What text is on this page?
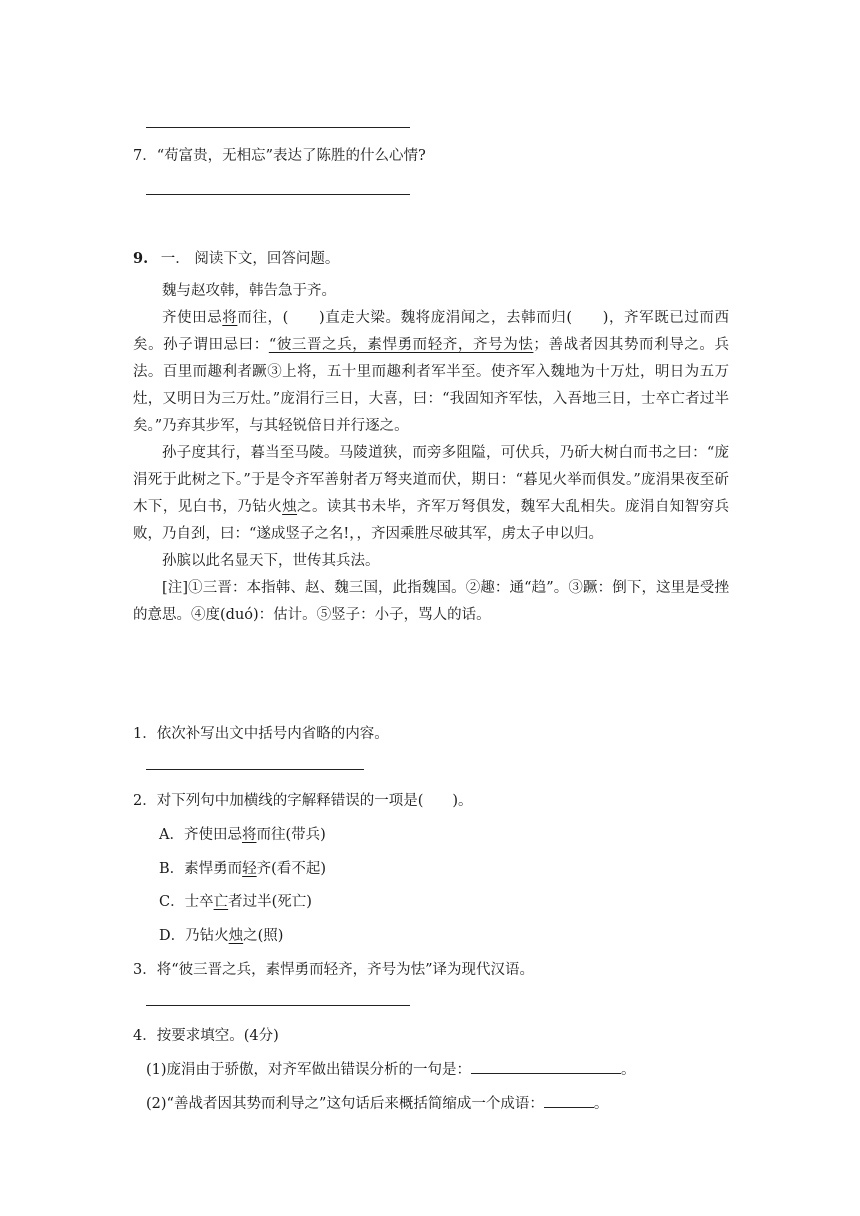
7．“苟富贵，无相忘”表达了陈胜的什么心情?
9. 一． 阅读下文，回答问题。

魏与赵攻韩，韩告急于齐。

齐使田忌将而往，(　　)直走大梁。魏将庞涓闻之，去韩而归(　　)，齐军既已过而西矣。孙子谓田忌曰：“彼三晋之兵，素悍勇而轻齐，齐号为怯；善战者因其势而利导之。兵法。百里而趣利者蹶③上将，五十里而趣利者军半至。使齐军入魏地为十万灶，明日为五万灶，又明日为三万灶。”庞涓行三日，大喜，曰：“我固知齐军怯，入吾地三日，士卒亡者过半矣。”乃弃其步军，与其轻锐倍日并行逐之。

孙子度其行，暮当至马陵。马陵道狭，而旁多阻隘，可伏兵，乃斫大树白而书之曰：“庞涓死于此树之下。”于是令齐军善射者万弩夹道而伏，期日：“暮见火举而俱发。”庞涓果夜至斫木下，见白书，乃钻火烛之。读其书未毕，齐军万弩俱发，魏军大乱相失。庞涓自知智穷兵败，乃自刭，曰：“遂成竖子之名!，，齐因乘胜尽破其军，虏太子申以归。

孙膑以此名显天下，世传其兵法。

[注]①三晋：本指韩、赵、魏三国，此指魏国。②趣：通“趋”。③蹶：倒下，这里是受挫的意思。④度(duó)：估计。⑤竖子：小子，骂人的话。

1．依次补写出文中括号内省略的内容。
2．对下列句中加横线的字解释错误的一项是(　　)。
A．齐使田忌将而往(带兵)
B．素悍勇而轻齐(看不起)
C．士卒亡者过半(死亡)
D．乃钻火烛之(照)
3．将“彼三晋之兵，素悍勇而轻齐，齐号为怯”译为现代汉语。
4．按要求填空。(4分)
(1)庞涓由于骄傲，对齐军做出错误分析的一句是：	。
(2)“善战者因其势而利导之”这句话后来概括简缩成一个成语：	。
